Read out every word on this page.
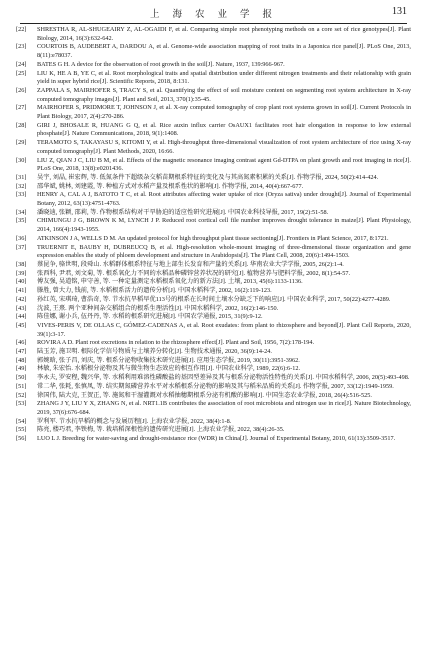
上 海 农 业 学 报	131
[22] SHRESTHA R, AL-SHUGEAIRY Z, AL-OGAIDI F, et al. Comparing simple root phenotyping methods on a core set of rice genotypes[J]. Plant Biology, 2014, 16(3):632-642.
[23] COURTOIS B, AUDEBERT A, DARDOU A, et al. Genome-wide association mapping of root traits in a Japonica rice panel[J]. PLoS One, 2013, 8(11):e78037.
[24] BATES G H. A device for the observation of root growth in the soil[J]. Nature, 1937, 139:966-967.
[25] LIU K, HE A B, YE C, et al. Root morphological traits and spatial distribution under different nitrogen treatments and their relationship with grain yield in super hybrid rice[J]. Scientific Reports, 2018, 8:131.
[26] ZAPPALA S, MAIRHOFER S, TRACY S, et al. Quantifying the effect of soil moisture content on segmenting root system architecture in X-ray computed tomography images[J]. Plant and Soil, 2013, 370(1):35-45.
[27] MAIRHOFER S, PRIDMORE T, JOHNSON J, et al. X-ray computed tomography of crop plant root systems grown in soil[J]. Current Protocols in Plant Biology, 2017, 2(4):270-286.
[28] GIRI J, BHOSALE R, HUANG G Q, et al. Rice auxin influx carrier OsAUX1 facilitates root hair elongation in response to low external phosphate[J]. Nature Communications, 2018, 9(1):1408.
[29] TERAMOTO S, TAKAYASU S, KITOMI Y, et al. High-throughput three-dimensional visualization of root system architecture of rice using X-ray computed tomography[J]. Plant Methods, 2020, 16:66.
[30] LIU Z, QIAN J C, LIU B M, et al. Effects of the magnetic resonance imaging contrast agent Gd-DTPA on plant growth and root imaging in rice[J]. PLoS One, 2018, 13(8):e0201436.
[31] 吴宇, 刘晶, 崔宏辉, 等. 低氮条件下超级杂交稻苗期根系特征的变化及与其高氮素积累的关系[J]. 作物学报, 2024, 50(2):414-424.
[32] 邵华斌, 姚林, 刘建霞, 等. 种植方式对水稻产量及根系性状的影响[J]. 作物学报, 2014, 40(4):667-677.
[33] HENRY A, CAL A J, BATOTO T C, et al. Root attributes affecting water uptake of rice (Oryza sativa) under drought[J]. Journal of Experimental Botany, 2012, 63(13):4751-4763.
[34] 潘晓迪, 张颖, 邵莉, 等. 作物根系结构对干旱胁迫的适应性研究进展[J]. 中国农业科技导报, 2017, 19(2):51-58.
[35] CHIMUNGU J G, BROWN K M, LYNCH J P. Reduced root cortical cell file number improves drought tolerance in maize[J]. Plant Physiology, 2014, 166(4):1943-1955.
[36] ATKINSON J A, WELLS D M. An updated protocol for high throughput plant tissue sectioning[J]. Frontiers in Plant Science, 2017, 8:1721.
[37] TRUERNIT E, BAUBY H, DUBREUCQ B, et al. High-resolution whole-mount imaging of three-dimensional tissue organization and gene expression enables the study of phloem development and structure in Arabidopsis[J]. The Plant Cell, 2008, 20(6):1494-1503.
[38] 蔡昆争, 骆世明, 段舜山. 水稻群体根系特征与地上部生长发育和产量的关系[J]. 华南农业大学学报, 2005, 26(2):1-4.
[39] 张西科, 尹君, 刘文菊, 等. 根系氧化力不同的水稻品种磷锌营养状况的研究[J]. 植物营养与肥料学报, 2002, 8(1):54-57.
[40] 傅友强, 吴道铭, 申守善, 等. 一种定量测定水稻根系氧化力的新方法[J]. 土壤, 2013, 45(6):1133-1136.
[41] 滕胜, 曾大力, 钱前, 等. 水稻根系活力的遗传分析[J]. 中国水稻科学, 2002, 16(2):119-123.
[42] 孙红英, 宋琪琦, 曹浩奇, 等. 节水抗旱稻早优113号的根系在长时间土壤水分缺乏下的响应[J]. 中国农业科学, 2017, 50(22):4277-4289.
[43] 沈波, 王熹. 两个亚种间杂交稻组合的根系生理活性[J]. 中国水稻科学, 2002, 16(2):146-150.
[44] 陈佳娜, 谢小兵, 伍丹丹, 等. 水稻的根系研究进展[J]. 中国农学通报, 2015, 31(9):9-12.
[45] VIVES-PERIS V, DE OLLAS C, GÓMEZ-CADENAS A, et al. Root exudates: from plant to rhizosphere and beyond[J]. Plant Cell Reports, 2020, 39(1):3-17.
[46] ROVIRA A D. Plant root excretions in relation to the rhizosphere effect[J]. Plant and Soil, 1956, 7(2):178-194.
[47] 陆玉芳, 施卫明. 根际化学信号物质与土壤养分转化[J]. 生物技术通报, 2020, 36(9):14-24.
[48] 郭婉晗, 张子昌, 刘庆, 等. 根系分泌物收集技术研究进展[J]. 应用生态学报, 2019, 30(11):3951-3962.
[49] 林敏, 朱宏怡. 水稻根分泌物及其与微生物生态效应的相互作用[J]. 中国农业科学, 1989, 22(6):6-12.
[50] 李永夫, 罗安程, 魏兴华, 等. 水稻利用难溶性磷酸盐的基因型差异及其与根系分泌物活性特性的关系[J]. 中国水稻科学, 2006, 20(5):493-498.
[51] 常二华, 张耗, 张慎凤, 等. 结实期氮磷营养水平对水稻根系分泌物的影响及其与稻米品质的关系[J]. 作物学报, 2007, 33(12):1949-1959.
[52] 徐国伟, 陆大克, 王贺正, 等. 施氮和干湿灌溉对水稻抽穗期根系分泌有机酸的影响[J]. 中国生态农业学报, 2018, 26(4):516-525.
[53] ZHANG J Y, LIU Y X, ZHANG N, et al. NRT1.1B contributes the association of root microbiota and nitrogen use in rice[J]. Nature Biotechnology, 2019, 37(6):676-684.
[54] 罗利军. 节水抗旱稻的概念与发展历程[J]. 上海农业学报, 2022, 38(4):1-8.
[55] 陈亮, 楼巧君, 李铁梅, 等. 栽培稻深根性的遗传研究进展[J]. 上海农业学报, 2022, 38(4):26-35.
[56] LUO L J. Breeding for water-saving and drought-resistance rice (WDR) in China[J]. Journal of Experimental Botany, 2010, 61(13):3509-3517.
